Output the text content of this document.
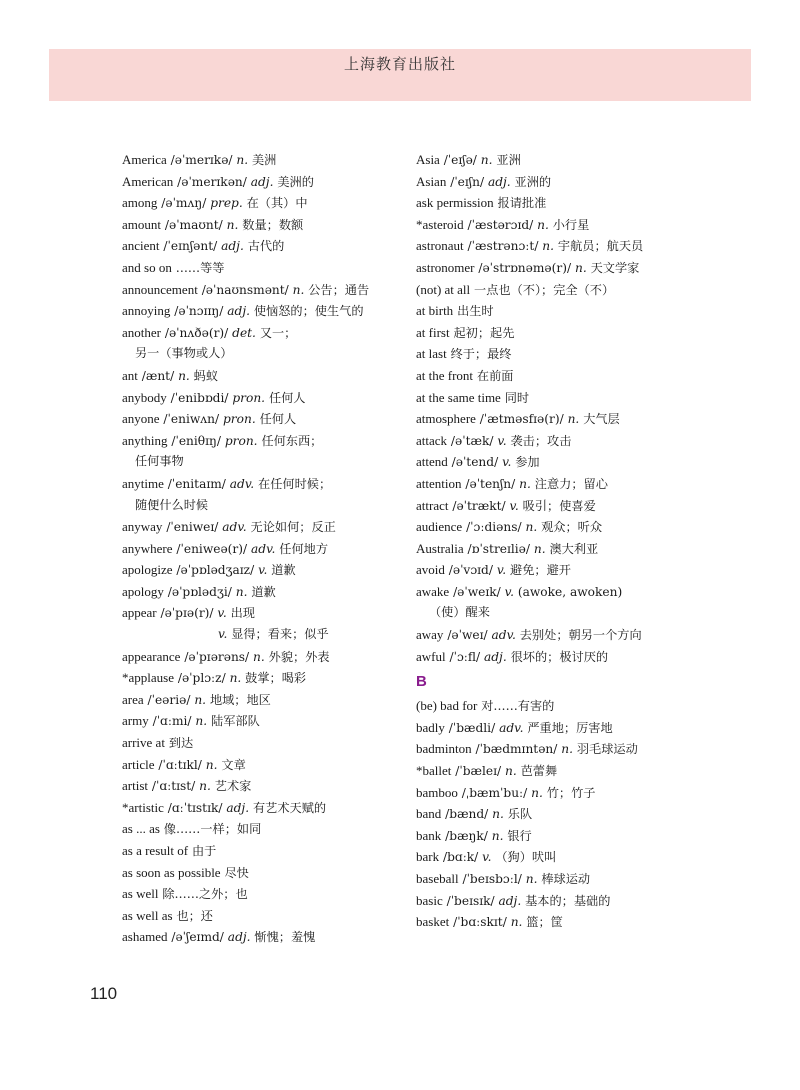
上海教育出版社
America /əˈmerɪkə/ n. 美洲
American /əˈmerɪkən/ adj. 美洲的
among /əˈmʌŋ/ prep. 在（其）中
amount /əˈmaʊnt/ n. 数量；数额
ancient /ˈeɪnʃənt/ adj. 古代的
and so on ……等等
announcement /əˈnaʊnsmənt/ n. 公告；通告
annoying /əˈnɔɪɪŋ/ adj. 使恼怒的；使生气的
another /əˈnʌðə(r)/ det. 又一；
另一（事物或人）
ant /ænt/ n. 蚂蚁
anybody /ˈenibɒdi/ pron. 任何人
anyone /ˈeniwʌn/ pron. 任何人
anything /ˈeniθɪŋ/ pron. 任何东西；
任何事物
anytime /ˈenitaɪm/ adv. 在任何时候；
随便什么时候
anyway /ˈeniweɪ/ adv. 无论如何；反正
anywhere /ˈeniweə(r)/ adv. 任何地方
apologize /əˈpɒlədʒaɪz/ v. 道歉
apology /əˈpɒlədʒi/ n. 道歉
appear /əˈpɪə(r)/ v. 出现
v. 显得；看来；似乎
appearance /əˈpɪərəns/ n. 外貌；外表
*applause /əˈplɔːz/ n. 鼓掌；喝彩
area /ˈeəriə/ n. 地域；地区
army /ˈɑːmi/ n. 陆军部队
arrive at 到达
article /ˈɑːtɪkl/ n. 文章
artist /ˈɑːtɪst/ n. 艺术家
*artistic /ɑːˈtɪstɪk/ adj. 有艺术天赋的
as ... as 像……一样；如同
as a result of 由于
as soon as possible 尽快
as well 除……之外；也
as well as 也；还
ashamed /əˈʃeɪmd/ adj. 惭愧；羞愧
Asia /ˈeɪʃə/ n. 亚洲
Asian /ˈeɪʃn/ adj. 亚洲的
ask permission 报请批准
*asteroid /ˈæstərɔɪd/ n. 小行星
astronaut /ˈæstrənɔːt/ n. 宇航员；航天员
astronomer /əˈstrɒnəmə(r)/ n. 天文学家
(not) at all 一点也（不）；完全（不）
at birth 出生时
at first 起初；起先
at last 终于；最终
at the front 在前面
at the same time 同时
atmosphere /ˈætməsfɪə(r)/ n. 大气层
attack /əˈtæk/ v. 袭击；攻击
attend /əˈtend/ v. 参加
attention /əˈtenʃn/ n. 注意力；留心
attract /əˈtrækt/ v. 吸引；使喜爱
audience /ˈɔːdiəns/ n. 观众；听众
Australia /ɒˈstreɪliə/ n. 澳大利亚
avoid /əˈvɔɪd/ v. 避免；避开
awake /əˈweɪk/ v. (awoke, awoken)
（使）醒来
away /əˈweɪ/ adv. 去别处；朝另一个方向
awful /ˈɔːfl/ adj. 很坏的；极讨厌的
B
(be) bad for 对……有害的
badly /ˈbædli/ adv. 严重地；厉害地
badminton /ˈbædmɪntən/ n. 羽毛球运动
*ballet /ˈbæleɪ/ n. 芭蕾舞
bamboo /ˌbæmˈbuː/ n. 竹；竹子
band /bænd/ n. 乐队
bank /bæŋk/ n. 银行
bark /bɑːk/ v. （狗）吠叫
baseball /ˈbeɪsbɔːl/ n. 棒球运动
basic /ˈbeɪsɪk/ adj. 基本的；基础的
basket /ˈbɑːskɪt/ n. 篮；筐
110
